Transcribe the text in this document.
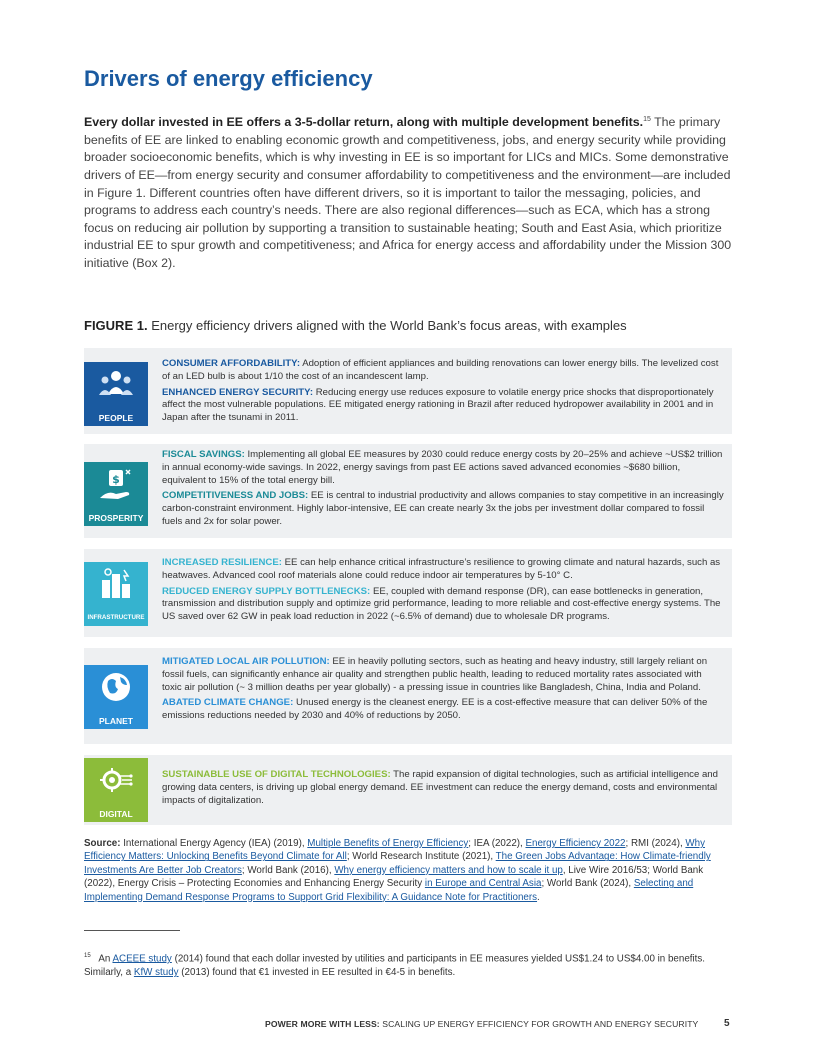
Drivers of energy efficiency
Every dollar invested in EE offers a 3-5-dollar return, along with multiple development benefits.$^{15}$ The primary benefits of EE are linked to enabling economic growth and competitiveness, jobs, and energy security while providing broader socioeconomic benefits, which is why investing in EE is so important for LICs and MICs. Some demonstrative drivers of EE—from energy security and consumer affordability to competitiveness and the environment—are included in Figure 1. Different countries often have different drivers, so it is important to tailor the messaging, policies, and programs to address each country’s needs. There are also regional differences—such as ECA, which has a strong focus on reducing air pollution by supporting a transition to sustainable heating; South and East Asia, which prioritize industrial EE to spur growth and competitiveness; and Africa for energy access and affordability under the Mission 300 initiative (Box 2).
FIGURE 1. Energy efficiency drivers aligned with the World Bank’s focus areas, with examples
PEOPLE

CONSUMER AFFORDABILITY: Adoption of efficient appliances and building renovations can lower energy bills. The levelized cost of an LED bulb is about 1/10 the cost of an incandescent lamp.

ENHANCED ENERGY SECURITY: Reducing energy use reduces exposure to volatile energy price shocks that disproportionately affect the most vulnerable populations. EE mitigated energy rationing in Brazil after reduced hydropower availability in 2001 and in Japan after the tsunami in 2011.

$
PROSPERITY

FISCAL SAVINGS: Implementing all global EE measures by 2030 could reduce energy costs by 20–25% and achieve ~US$2 trillion in annual economy-wide savings. In 2022, energy savings from past EE actions saved advanced economies ~$680 billion, equivalent to 15% of the total energy bill.

COMPETITIVENESS AND JOBS: EE is central to industrial productivity and allows companies to stay competitive in an increasingly carbon-constraint environment. Highly labor-intensive, EE can create nearly 3x the jobs per investment dollar compared to fossil fuels and 2x for solar power.

INFRASTRUCTURE

INCREASED RESILIENCE: EE can help enhance critical infrastructure’s resilience to growing climate and natural hazards, such as heatwaves. Advanced cool roof materials alone could reduce indoor air temperatures by 5-10° C.

REDUCED ENERGY SUPPLY BOTTLENECKS: EE, coupled with demand response (DR), can ease bottlenecks in generation, transmission and distribution supply and optimize grid performance, leading to more reliable and cost-effective energy systems. The US saved over 62 GW in peak load reduction in 2022 (~6.5% of demand) due to wholesale DR programs.

PLANET

MITIGATED LOCAL AIR POLLUTION: EE in heavily polluting sectors, such as heating and heavy industry, still largely reliant on fossil fuels, can significantly enhance air quality and strengthen public health, leading to reduced mortality rates associated with toxic air pollution (~ 3 million deaths per year globally) - a pressing issue in countries like Bangladesh, China, India and Poland.

ABATED CLIMATE CHANGE: Unused energy is the cleanest energy. EE is a cost-effective measure that can deliver 50% of the emissions reductions needed by 2030 and 40% of reductions by 2050.

DIGITAL

SUSTAINABLE USE OF DIGITAL TECHNOLOGIES: The rapid expansion of digital technologies, such as artificial intelligence and growing data centers, is driving up global energy demand. EE investment can reduce the energy demand, costs and environmental impacts of digitalization.

Source: International Energy Agency (IEA) (2019), Multiple Benefits of Energy Efficiency; IEA (2022), Energy Efficiency 2022; RMI (2024), Why Efficiency Matters: Unlocking Benefits Beyond Climate for All; World Research Institute (2021), The Green Jobs Advantage: How Climate-friendly Investments Are Better Job Creators; World Bank (2016), Why energy efficiency matters and how to scale it up, Live Wire 2016/53; World Bank (2022), Energy Crisis – Protecting Economies and Enhancing Energy Security in Europe and Central Asia; World Bank (2024), Selecting and Implementing Demand Response Programs to Support Grid Flexibility: A Guidance Note for Practitioners.
$^{15}$ An ACEEE study (2014) found that each dollar invested by utilities and participants in EE measures yielded US$1.24 to US$4.00 in benefits. Similarly, a KfW study (2013) found that €1 invested in EE resulted in €4-5 in benefits.
POWER MORE WITH LESS: SCALING UP ENERGY EFFICIENCY FOR GROWTH AND ENERGY SECURITY	5
